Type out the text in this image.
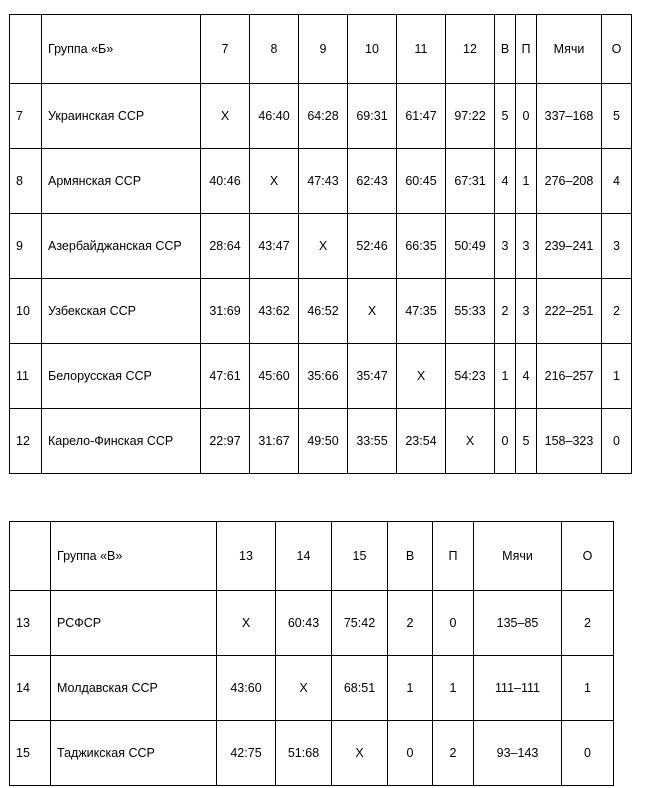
	Группа «Б»	7	8	9	10	11	12	В	П	Мячи	О
7	Украинская ССР	Х	46:40	64:28	69:31	61:47	97:22	5	0	337–168	5
8	Армянская ССР	40:46	Х	47:43	62:43	60:45	67:31	4	1	276–208	4
9	Азербайджанская ССР	28:64	43:47	Х	52:46	66:35	50:49	3	3	239–241	3
10	Узбекская ССР	31:69	43:62	46:52	Х	47:35	55:33	2	3	222–251	2
11	Белорусская ССР	47:61	45:60	35:66	35:47	Х	54:23	1	4	216–257	1
12	Карело-Финская ССР	22:97	31:67	49:50	33:55	23:54	Х	0	5	158–323	0
	Группа «В»	13	14	15	В	П	Мячи	О
13	РСФСР	Х	60:43	75:42	2	0	135–85	2
14	Молдавская ССР	43:60	Х	68:51	1	1	111–111	1
15	Таджикская ССР	42:75	51:68	Х	0	2	93–143	0
